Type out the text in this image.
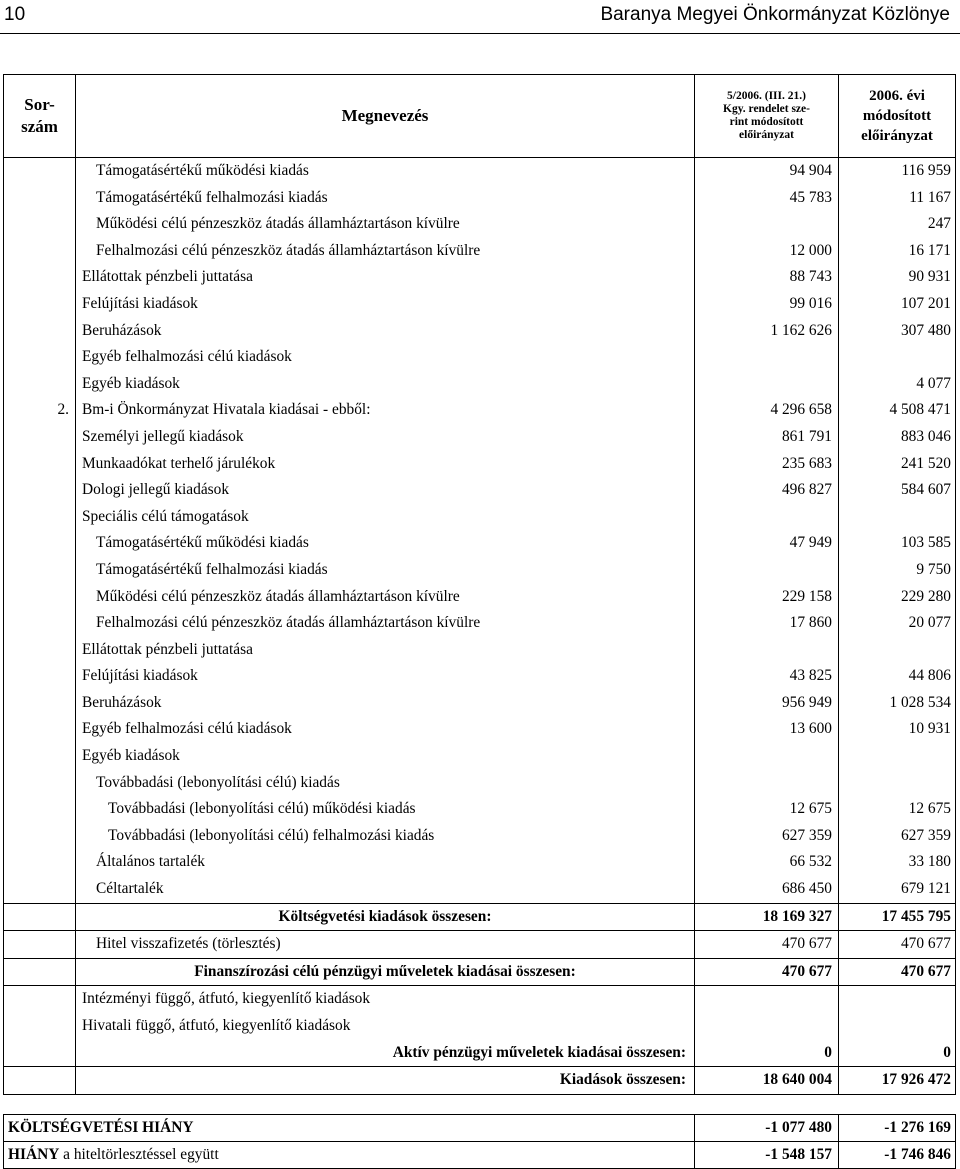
10	Baranya Megyei Önkormányzat Közlönye
Sor-
szám	Megnevezés	5/2006. (III. 21.)
Kgy. rendelet sze-
rint módosított
előirányzat	2006. évi
módosított
előirányzat
	Támogatásértékű működési kiadás	94 904	116 959
	Támogatásértékű felhalmozási kiadás	45 783	11 167
	Működési célú pénzeszköz átadás államháztartáson kívülre		247
	Felhalmozási célú pénzeszköz átadás államháztartáson kívülre	12 000	16 171
	Ellátottak pénzbeli juttatása	88 743	90 931
	Felújítási kiadások	99 016	107 201
	Beruházások	1 162 626	307 480
	Egyéb felhalmozási célú kiadások		
	Egyéb kiadások		4 077
2.	Bm-i Önkormányzat Hivatala kiadásai - ebből:	4 296 658	4 508 471
	Személyi jellegű kiadások	861 791	883 046
	Munkaadókat terhelő járulékok	235 683	241 520
	Dologi jellegű kiadások	496 827	584 607
	Speciális célú támogatások		
	Támogatásértékű működési kiadás	47 949	103 585
	Támogatásértékű felhalmozási kiadás		9 750
	Működési célú pénzeszköz átadás államháztartáson kívülre	229 158	229 280
	Felhalmozási célú pénzeszköz átadás államháztartáson kívülre	17 860	20 077
	Ellátottak pénzbeli juttatása		
	Felújítási kiadások	43 825	44 806
	Beruházások	956 949	1 028 534
	Egyéb felhalmozási célú kiadások	13 600	10 931
	Egyéb kiadások		
	Továbbadási (lebonyolítási célú) kiadás		
	Továbbadási (lebonyolítási célú) működési kiadás	12 675	12 675
	Továbbadási (lebonyolítási célú) felhalmozási kiadás	627 359	627 359
	Általános tartalék	66 532	33 180
	Céltartalék	686 450	679 121
	Költségvetési kiadások összesen:	18 169 327	17 455 795
	Hitel visszafizetés (törlesztés)	470 677	470 677
	Finanszírozási célú pénzügyi műveletek kiadásai összesen:	470 677	470 677
	Intézményi függő, átfutó, kiegyenlítő kiadások		
	Hivatali függő, átfutó, kiegyenlítő kiadások		
	Aktív pénzügyi műveletek kiadásai összesen:	0	0
	Kiadások összesen:	18 640 004	17 926 472
KÖLTSÉGVETÉSI HIÁNY	-1 077 480	-1 276 169
HIÁNY a hiteltörlesztéssel együtt	-1 548 157	-1 746 846
